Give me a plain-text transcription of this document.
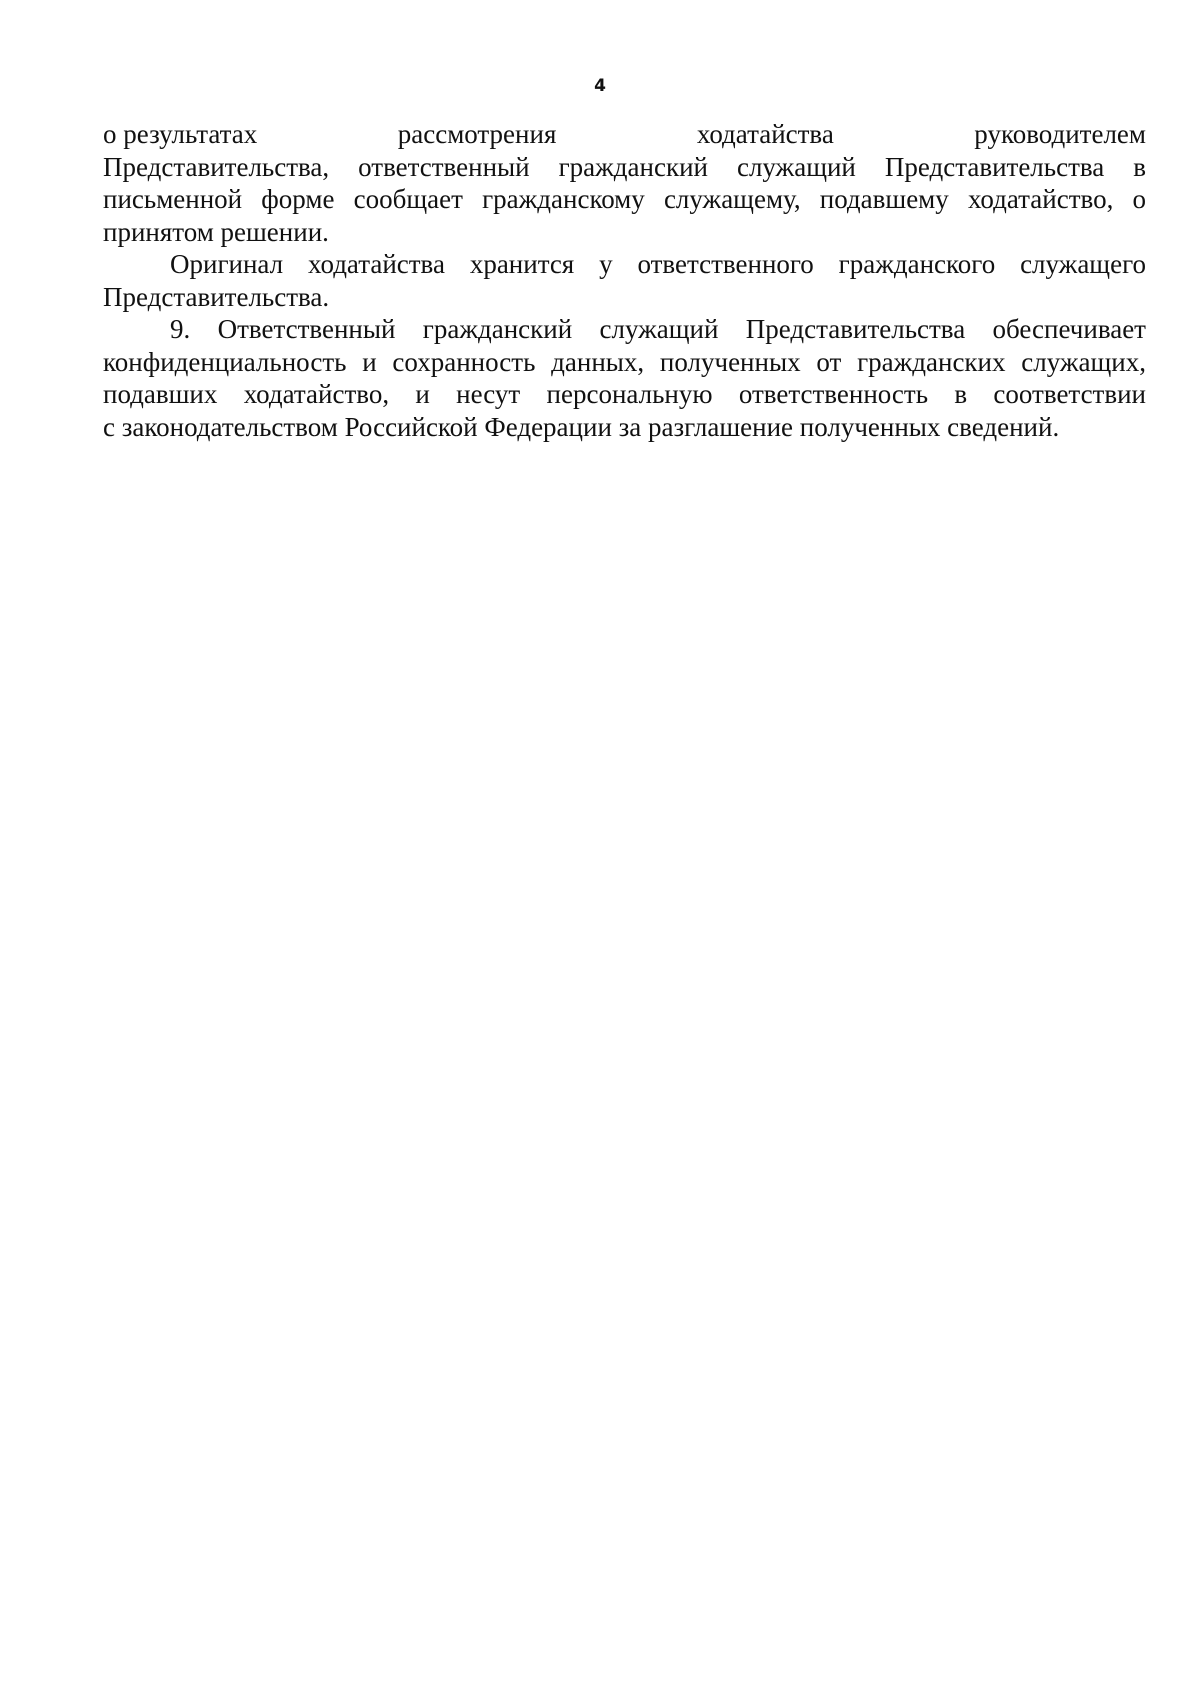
4
о результатах	рассмотрения	ходатайства	руководителем
Представительства, ответственный гражданский служащий Представительства в
письменной форме сообщает гражданскому служащему, подавшему ходатайство, о
принятом решении.
Оригинал ходатайства хранится у ответственного гражданского служащего
Представительства.
9. Ответственный гражданский служащий Представительства обеспечивает
конфиденциальность и сохранность данных, полученных от гражданских служащих,
подавших ходатайство, и несут персональную ответственность в соответствии
с законодательством Российской Федерации за разглашение полученных сведений.
